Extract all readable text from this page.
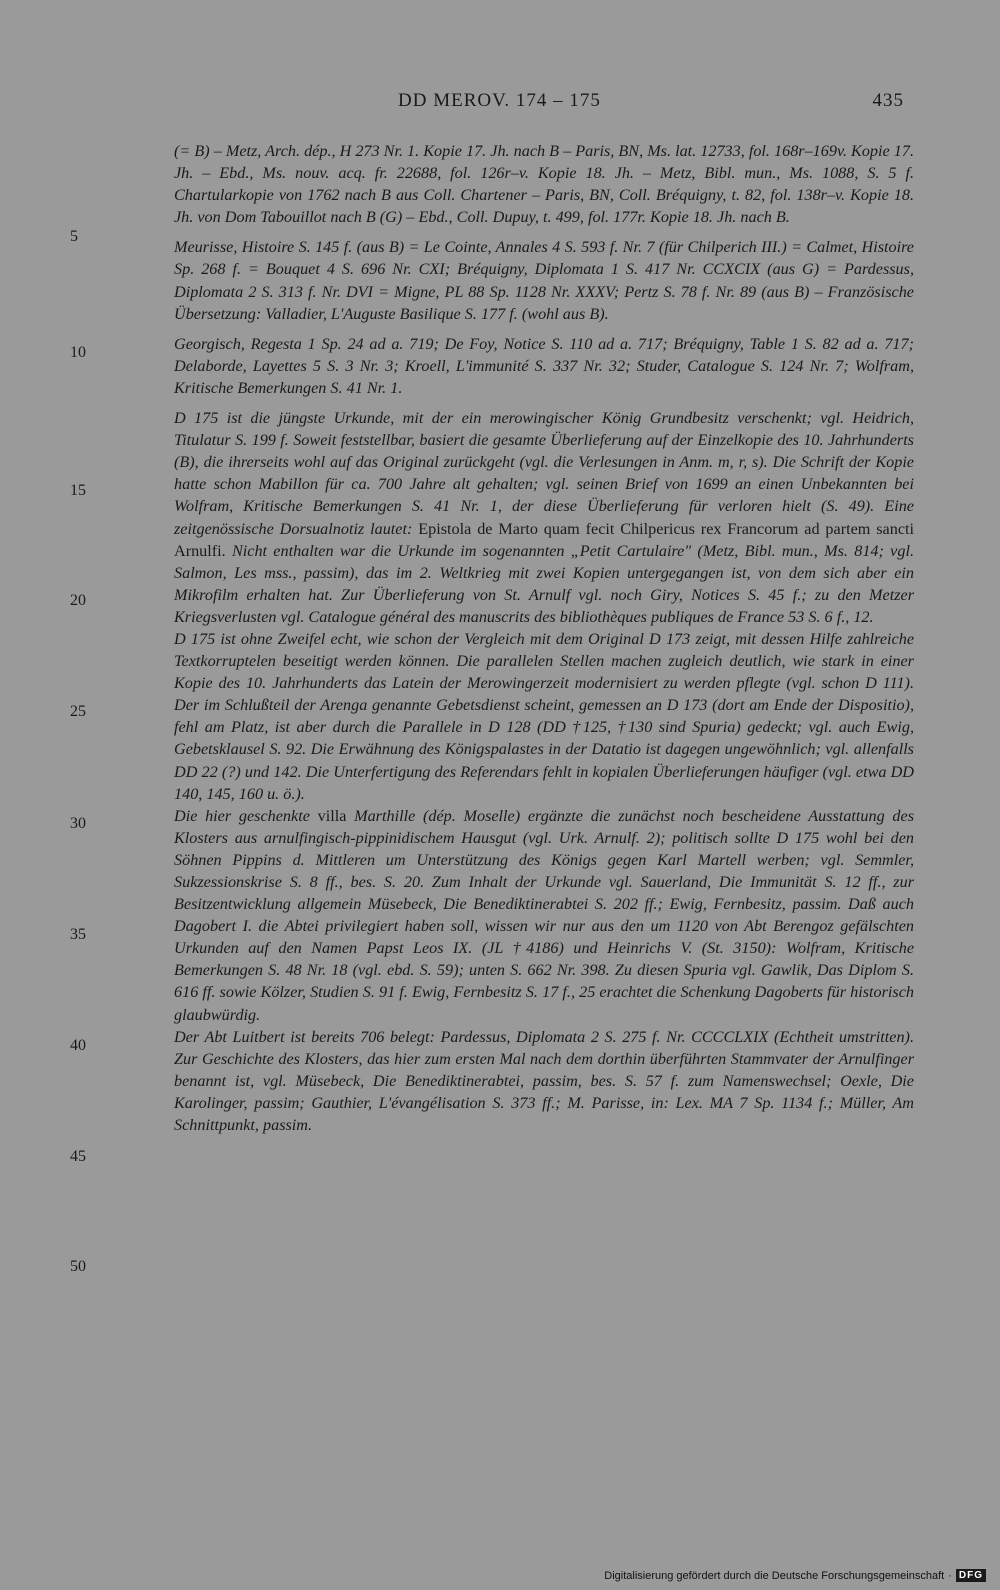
DD MEROV. 174 – 175	435
5
10
15
20
25
30
35
40
45
50

(= B) – Metz, Arch. dép., H 273 Nr. 1. Kopie 17. Jh. nach B – Paris, BN, Ms. lat. 12733, fol. 168r–169v. Kopie 17. Jh. – Ebd., Ms. nouv. acq. fr. 22688, fol. 126r–v. Kopie 18. Jh. – Metz, Bibl. mun., Ms. 1088, S. 5 f. Chartularkopie von 1762 nach B aus Coll. Chartener – Paris, BN, Coll. Bréquigny, t. 82, fol. 138r–v. Kopie 18. Jh. von Dom Tabouillot nach B (G) – Ebd., Coll. Dupuy, t. 499, fol. 177r. Kopie 18. Jh. nach B.

Meurisse, Histoire S. 145 f. (aus B) = Le Cointe, Annales 4 S. 593 f. Nr. 7 (für Chilperich III.) = Calmet, Histoire Sp. 268 f. = Bouquet 4 S. 696 Nr. CXI; Bréquigny, Diplomata 1 S. 417 Nr. CCXCIX (aus G) = Pardessus, Diplomata 2 S. 313 f. Nr. DVI = Migne, PL 88 Sp. 1128 Nr. XXXV; Pertz S. 78 f. Nr. 89 (aus B) – Französische Übersetzung: Valladier, L'Auguste Basilique S. 177 f. (wohl aus B).

Georgisch, Regesta 1 Sp. 24 ad a. 719; De Foy, Notice S. 110 ad a. 717; Bréquigny, Table 1 S. 82 ad a. 717; Delaborde, Layettes 5 S. 3 Nr. 3; Kroell, L'immunité S. 337 Nr. 32; Studer, Catalogue S. 124 Nr. 7; Wolfram, Kritische Bemerkungen S. 41 Nr. 1.

D 175 ist die jüngste Urkunde, mit der ein merowingischer König Grundbesitz verschenkt; vgl. Heidrich, Titulatur S. 199 f. Soweit feststellbar, basiert die gesamte Überlieferung auf der Einzelkopie des 10. Jahrhunderts (B), die ihrerseits wohl auf das Original zurückgeht (vgl. die Verlesungen in Anm. m, r, s). Die Schrift der Kopie hatte schon Mabillon für ca. 700 Jahre alt gehalten; vgl. seinen Brief von 1699 an einen Unbekannten bei Wolfram, Kritische Bemerkungen S. 41 Nr. 1, der diese Überlieferung für verloren hielt (S. 49). Eine zeitgenössische Dorsualnotiz lautet: Epistola de Marto quam fecit Chilpericus rex Francorum ad partem sancti Arnulfi. Nicht enthalten war die Urkunde im sogenannten „Petit Cartulaire" (Metz, Bibl. mun., Ms. 814; vgl. Salmon, Les mss., passim), das im 2. Weltkrieg mit zwei Kopien untergegangen ist, von dem sich aber ein Mikrofilm erhalten hat. Zur Überlieferung von St. Arnulf vgl. noch Giry, Notices S. 45 f.; zu den Metzer Kriegsverlusten vgl. Catalogue général des manuscrits des bibliothèques publiques de France 53 S. 6 f., 12.

D 175 ist ohne Zweifel echt, wie schon der Vergleich mit dem Original D 173 zeigt, mit dessen Hilfe zahlreiche Textkorruptelen beseitigt werden können. Die parallelen Stellen machen zugleich deutlich, wie stark in einer Kopie des 10. Jahrhunderts das Latein der Merowingerzeit modernisiert zu werden pflegte (vgl. schon D 111). Der im Schlußteil der Arenga genannte Gebetsdienst scheint, gemessen an D 173 (dort am Ende der Dispositio), fehl am Platz, ist aber durch die Parallele in D 128 (DD †125, †130 sind Spuria) gedeckt; vgl. auch Ewig, Gebetsklausel S. 92. Die Erwähnung des Königspalastes in der Datatio ist dagegen ungewöhnlich; vgl. allenfalls DD 22 (?) und 142. Die Unterfertigung des Referendars fehlt in kopialen Überlieferungen häufiger (vgl. etwa DD 140, 145, 160 u. ö.).

Die hier geschenkte villa Marthille (dép. Moselle) ergänzte die zunächst noch bescheidene Ausstattung des Klosters aus arnulfingisch-pippinidischem Hausgut (vgl. Urk. Arnulf. 2); politisch sollte D 175 wohl bei den Söhnen Pippins d. Mittleren um Unterstützung des Königs gegen Karl Martell werben; vgl. Semmler, Sukzessionskrise S. 8 ff., bes. S. 20. Zum Inhalt der Urkunde vgl. Sauerland, Die Immunität S. 12 ff., zur Besitzentwicklung allgemein Müsebeck, Die Benediktinerabtei S. 202 ff.; Ewig, Fernbesitz, passim. Daß auch Dagobert I. die Abtei privilegiert haben soll, wissen wir nur aus den um 1120 von Abt Berengoz gefälschten Urkunden auf den Namen Papst Leos IX. (JL †4186) und Heinrichs V. (St. 3150): Wolfram, Kritische Bemerkungen S. 48 Nr. 18 (vgl. ebd. S. 59); unten S. 662 Nr. 398. Zu diesen Spuria vgl. Gawlik, Das Diplom S. 616 ff. sowie Kölzer, Studien S. 91 f. Ewig, Fernbesitz S. 17 f., 25 erachtet die Schenkung Dagoberts für historisch glaubwürdig.

Der Abt Luitbert ist bereits 706 belegt: Pardessus, Diplomata 2 S. 275 f. Nr. CCCCLXIX (Echtheit umstritten). Zur Geschichte des Klosters, das hier zum ersten Mal nach dem dorthin überführten Stammvater der Arnulfinger benannt ist, vgl. Müsebeck, Die Benediktinerabtei, passim, bes. S. 57 f. zum Namenswechsel; Oexle, Die Karolinger, passim; Gauthier, L'évangélisation S. 373 ff.; M. Parisse, in: Lex. MA 7 Sp. 1134 f.; Müller, Am Schnittpunkt, passim.

Digitalisierung gefördert durch die Deutsche Forschungsgemeinschaft · DFG
